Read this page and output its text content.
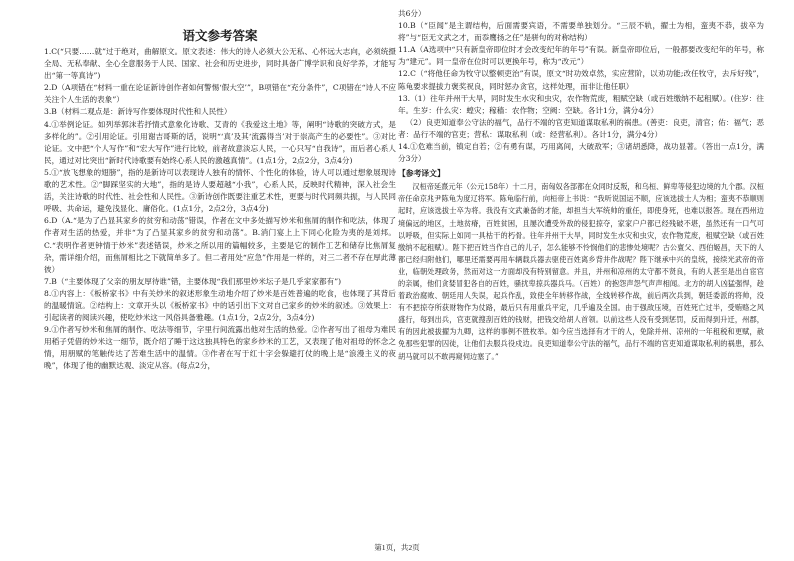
语文参考答案

1.C(“只要……就”过于绝对，曲解原文。原文表述：伟大的诗人必须大公无私、心怀远大志向，必须统摄全局、无私奉献、全心全意服务于人民、国家、社会和历史进步，同时具备广博学识和良好学养，才能写出“第一等真诗”)

2.D（A项错在“材料一重在论证新诗创作者如何警惕‘假大空’”，B项错在“充分条件”，C项错在“诗人不应关注个人生活的表象”）

3.B（材料二观点是：新诗写作要体现时代性和人民性）

4.①举例论证。如列举郭沫若抒情式意象化诗歌、艾青的《我爱这土地》等，阐明“诗歌的突破方式，是多样化的”。②引用论证。引用谢吉哥斯的话，说明“‘真’及其‘流露得当’对于崇高产生的必要性”。③对比论证。文中把“个人写作”和“宏大写作”进行比较，前者故意淡忘人民，一心只写“自我诗”，而后者心系人民，通过对比突出“新时代诗歌要有始终心系人民的激越真情”。(1点1分，2点2分，3点4分)

5.①“放飞想象的翅膀”，指的是新诗可以表现诗人独有的情怀、个性化的体验，诗人可以通过想象展现诗歌的艺术性。②“脚踩坚实的大地”，指的是诗人要超越“小我”，心系人民，反映时代精神，深入社会生活，关注诗歌的时代性、社会性和人民性。③新诗创作既要注重艺术性，更要与时代同频共振，与人民同呼吸、共命运，避免浅显化、庸俗化。(1点1分，2点2分，3点4分)

6.D（A.“是为了凸显其家乡的贫穷和动荡”错误，作者在文中多处描写炒米和焦屑的制作和吃法，体现了作者对生活的热爱，并非“为了凸显其家乡的贫穷和动荡”。B.消门宴上上下同心化险为夷的是刘邦。C.“表明作者更钟情于炒米”表述错误，炒米之所以用的篇幅较多，主要是它的制作工艺和储存比焦屑复杂，需详细介绍，而焦屑相比之下就简单多了。但二者用处“应急”作用是一样的，对三二者不存在厚此薄彼）

7.B（“主要体现了父亲的朋友厚待谁”错，主要体现“我们那里炒米坛子是几乎家家都有”)

8.①内容上：《板桥家书》中有关炒米的叙述形象生动地介绍了炒米是百姓普遍的吃食，也体现了其背后的温暖情谊。②结构上：文章开头以《板桥家书》中的话引出下文对自己家乡的炒米的叙述。③效果上：引起读者的阅读兴趣，使吃炒米这一风俗具备雅趣。(1点1分，2点2分，3点4分)

9.①作者写炒米和焦屑的制作、吃法等细节，字里行间流露出他对生活的热爱。②作者写出了祖母为难民用稻子凭借的炒米这一细节，既介绍了睡于这这独具特色的家乡炒米的工艺，又表现了他对祖母的怀念之情，用朋赋的笔触传达了苦难生活中的温情。③作者在写于红十字会躲避打仗的晚上是“浪漫主义的夜晚”，体现了他的幽默达观、淡定从容。(每点2分，

共6分）

10.B（“臣闻”是主谓结构，后面需要宾语，不需要单独划分。“三辰不轨，擢士为相，蛮夷不恭，拔卒为将”与“臣无文武之才，而忝鹰扬之任”是骈句的对称结构）

11.A（A选项中“只有新皇帝即位时才会改变纪年的年号”有误。新皇帝即位后，一般都要改变纪年的年号，称为“建元”。同一皇帝在位时可以更换年号，称为“改元”）

12.C（“将他任命为牧守以整顿吏治”有误，原文“时功效卓然，实应营阶，以劝功能;改任牧守，去斥好残”，陈龟要求提拔力褒奖祝良，同时惩办贪官，这样处理，而非让他任职）

13.（1）往年并州干大旱，同时发生水灾和虫灾，农作物荒废，粗赋空缺（或百姓缴纳不起租赋）。(住岁：往年。生岁：什么灾：蝗灾；稼穑：农作物；空阙：空缺。各计1分，满分4分）

（2）良吏知道奉公守法的福气，品行不端的官吏知道谋取私利的祸患。(善吏：良吏，清官；佑：福气；恶者：品行不端的官吏；营私：谋取私利（或：经营私利）。各计1分，满分4分）

14.①危难当前，镇定自若；②有勇有谋，巧用离间，大破敌军；③诸胡悉降，战功显著。（答出一点1分，满分3分）

【参考译文】

汉桓帝延熹元年（公元158年）十二月，南匈奴各部都在众同时反叛，和乌桓、鲜卑等侵犯边境的九个郡。汉桓帝任命京兆尹陈龟为度辽将军。陈龟临行前，向桓帝上书说：“我听说国运不顺，应该选拔士人为相；蛮夷不恭顺则起时，应该选拔士卒为将。我没有文武兼备的才能，却担当大军统帅的重任，即使身死，也难以报答。现在西州边境偏远的地区，土地贫瘠，百姓贫困，且屡次遭受外敌的侵犯掠夺，家家户户都已经残破不堪，虽然还有一口气可以呼吸，但实际上如同一具枯干的朽骨。往年并州干大旱，同时发生水灾和虫灾，农作物荒废，租赋空缺（或百姓缴纳不起租赋）。陛下把百姓当作自己的儿子，怎么能够不怜悯他们的悲惨处境呢？古公亶父、西伯姬昌，天下的人都已经归附他们，哪里还需要再用车辆载兵器去驱使百姓离乡背井作战呢？陛下继承中兴的皇统，接续光武帝的帝业，临朝处理政务，然而对这一方面却没有特别留意。并且，并州和凉州的太守都不贤良，有的人甚至是出自宦官的亲属，他们贪婪冒犯各自的百姓，骚扰卑掠兵器兵马。（百姓）的抱怨声怨气声声相闻。北方的胡人凶猛强悍，趁着政治腐败、朝廷用人失误，起兵作乱，致使全年转移作战，全线转移作战，前后两次兵到，朝廷委派的将帅，没有不把掠夺所获财物作为仗路，最后只有用重兵平定，几乎遍及全国。由于强敌压境，百姓死亡过半，受贿赂之风盛行，每到出兵，官吏就搜刮百姓的钱财，把钱交给胡人首领。以前这些人没有受到惩罚，反而得到升迁，州郡，有的因此被拔擢为九卿，这样的事例不胜枚举。如今应当选择有才干的人，免除并州、凉州的一年租税和更赋，赦免那些犯罪的囚徒，让他们去服兵役戍边。良吏知道奉公守法的福气，品行不端的官吏知道谋取私利的祸患，那么胡马就可以不敢再窥伺边塞了。”

第1页，共2页
